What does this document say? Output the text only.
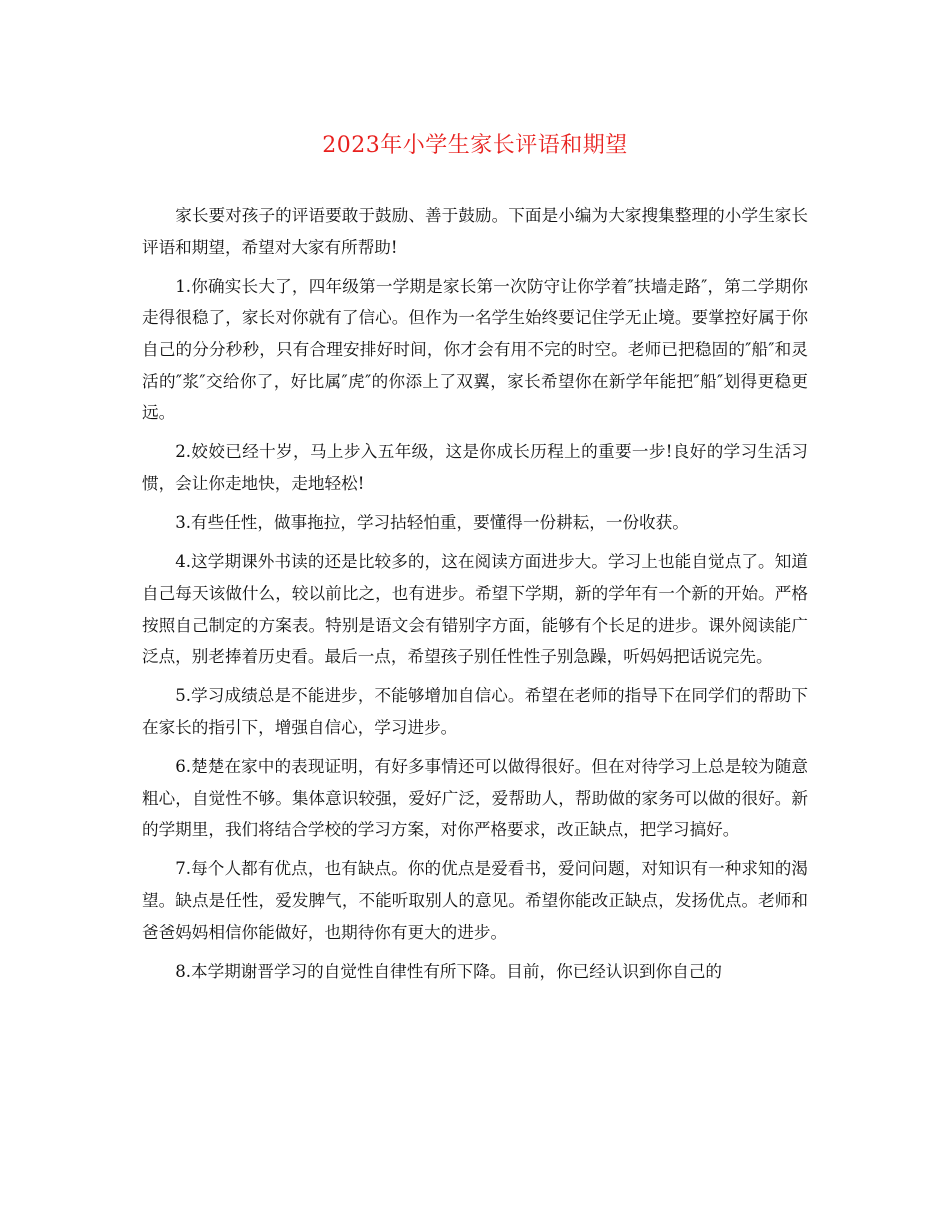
2023年小学生家长评语和期望

家长要对孩子的评语要敢于鼓励、善于鼓励。下面是小编为大家搜集整理的小学生家长评语和期望，希望对大家有所帮助!

1.你确实长大了，四年级第一学期是家长第一次防守让你学着″扶墙走路″，第二学期你走得很稳了，家长对你就有了信心。但作为一名学生始终要记住学无止境。要掌控好属于你自己的分分秒秒，只有合理安排好时间，你才会有用不完的时空。老师已把稳固的″船″和灵活的″浆″交给你了，好比属″虎″的你添上了双翼，家长希望你在新学年能把″船″划得更稳更远。

2.姣姣已经十岁，马上步入五年级，这是你成长历程上的重要一步!良好的学习生活习惯，会让你走地快，走地轻松!

3.有些任性，做事拖拉，学习拈轻怕重，要懂得一份耕耘，一份收获。

4.这学期课外书读的还是比较多的，这在阅读方面进步大。学习上也能自觉点了。知道自己每天该做什么，较以前比之，也有进步。希望下学期，新的学年有一个新的开始。严格按照自己制定的方案表。特别是语文会有错别字方面，能够有个长足的进步。课外阅读能广泛点，别老捧着历史看。最后一点，希望孩子别任性性子别急躁，听妈妈把话说完先。

5.学习成绩总是不能进步，不能够增加自信心。希望在老师的指导下在同学们的帮助下在家长的指引下，增强自信心，学习进步。

6.楚楚在家中的表现证明，有好多事情还可以做得很好。但在对待学习上总是较为随意粗心，自觉性不够。集体意识较强，爱好广泛，爱帮助人，帮助做的家务可以做的很好。新的学期里，我们将结合学校的学习方案，对你严格要求，改正缺点，把学习搞好。

7.每个人都有优点，也有缺点。你的优点是爱看书，爱问问题，对知识有一种求知的渴望。缺点是任性，爱发脾气，不能听取别人的意见。希望你能改正缺点，发扬优点。老师和爸爸妈妈相信你能做好，也期待你有更大的进步。

8.本学期谢晋学习的自觉性自律性有所下降。目前，你已经认识到你自己的
